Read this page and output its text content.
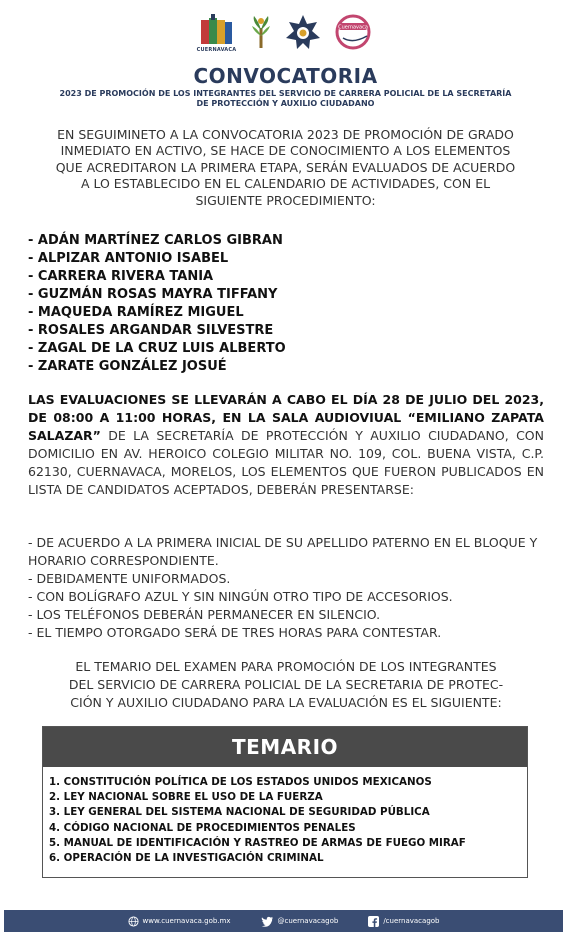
CUERNAVACA
Cuernavaca
CONVOCATORIA
2023 DE PROMOCIÓN DE LOS INTEGRANTES DEL SERVICIO DE CARRERA POLICIAL DE LA SECRETARÍA
DE PROTECCIÓN Y AUXILIO CIUDADANO
EN SEGUIMINETO A LA CONVOCATORIA 2023 DE PROMOCIÓN DE GRADO
INMEDIATO EN ACTIVO, SE HACE DE CONOCIMIENTO A LOS ELEMENTOS
QUE ACREDITARON LA PRIMERA ETAPA, SERÁN EVALUADOS DE ACUERDO
A LO ESTABLECIDO EN EL CALENDARIO DE ACTIVIDADES, CON EL
SIGUIENTE PROCEDIMIENTO:
- ADÁN MARTÍNEZ CARLOS GIBRAN
- ALPIZAR ANTONIO ISABEL
- CARRERA RIVERA TANIA
- GUZMÁN ROSAS MAYRA TIFFANY
- MAQUEDA RAMÍREZ MIGUEL
- ROSALES ARGANDAR SILVESTRE
- ZAGAL DE LA CRUZ LUIS ALBERTO
- ZARATE GONZÁLEZ JOSUÉ
LAS EVALUACIONES SE LLEVARÁN A CABO EL DÍA 28 DE JULIO DEL 2023, DE 08:00 A 11:00 HORAS, EN LA SALA AUDIOVIUAL “EMILIANO ZAPATA SALAZAR” DE LA SECRETARÍA DE PROTECCIÓN Y AUXILIO CIUDADANO, CON DOMICILIO EN AV. HEROICO COLEGIO MILITAR NO. 109, COL. BUENA VISTA, C.P. 62130, CUERNAVACA, MORELOS, LOS ELEMENTOS QUE FUERON PUBLICADOS EN LISTA DE CANDIDATOS ACEPTADOS, DEBERÁN PRESENTARSE:
- DE ACUERDO A LA PRIMERA INICIAL DE SU APELLIDO PATERNO EN EL BLOQUE Y HORARIO CORRESPONDIENTE.
- DEBIDAMENTE UNIFORMADOS.
- CON BOLÍGRAFO AZUL Y SIN NINGÚN OTRO TIPO DE ACCESORIOS.
- LOS TELÉFONOS DEBERÁN PERMANECER EN SILENCIO.
- EL TIEMPO OTORGADO SERÁ DE TRES HORAS PARA CONTESTAR.
EL TEMARIO DEL EXAMEN PARA PROMOCIÓN DE LOS INTEGRANTES
DEL SERVICIO DE CARRERA POLICIAL DE LA SECRETARIA DE PROTEC-
CIÓN Y AUXILIO CIUDADANO PARA LA EVALUACIÓN ES EL SIGUIENTE:
TEMARIO
1. CONSTITUCIÓN POLÍTICA DE LOS ESTADOS UNIDOS MEXICANOS
2. LEY NACIONAL SOBRE EL USO DE LA FUERZA
3. LEY GENERAL DEL SISTEMA NACIONAL DE SEGURIDAD PÚBLICA
4. CÓDIGO NACIONAL DE PROCEDIMIENTOS PENALES
5. MANUAL DE IDENTIFICACIÓN Y RASTREO DE ARMAS DE FUEGO MIRAF
6. OPERACIÓN DE LA INVESTIGACIÓN CRIMINAL
www.cuernavaca.gob.mx	@cuernavacagob	/cuernavacagob
